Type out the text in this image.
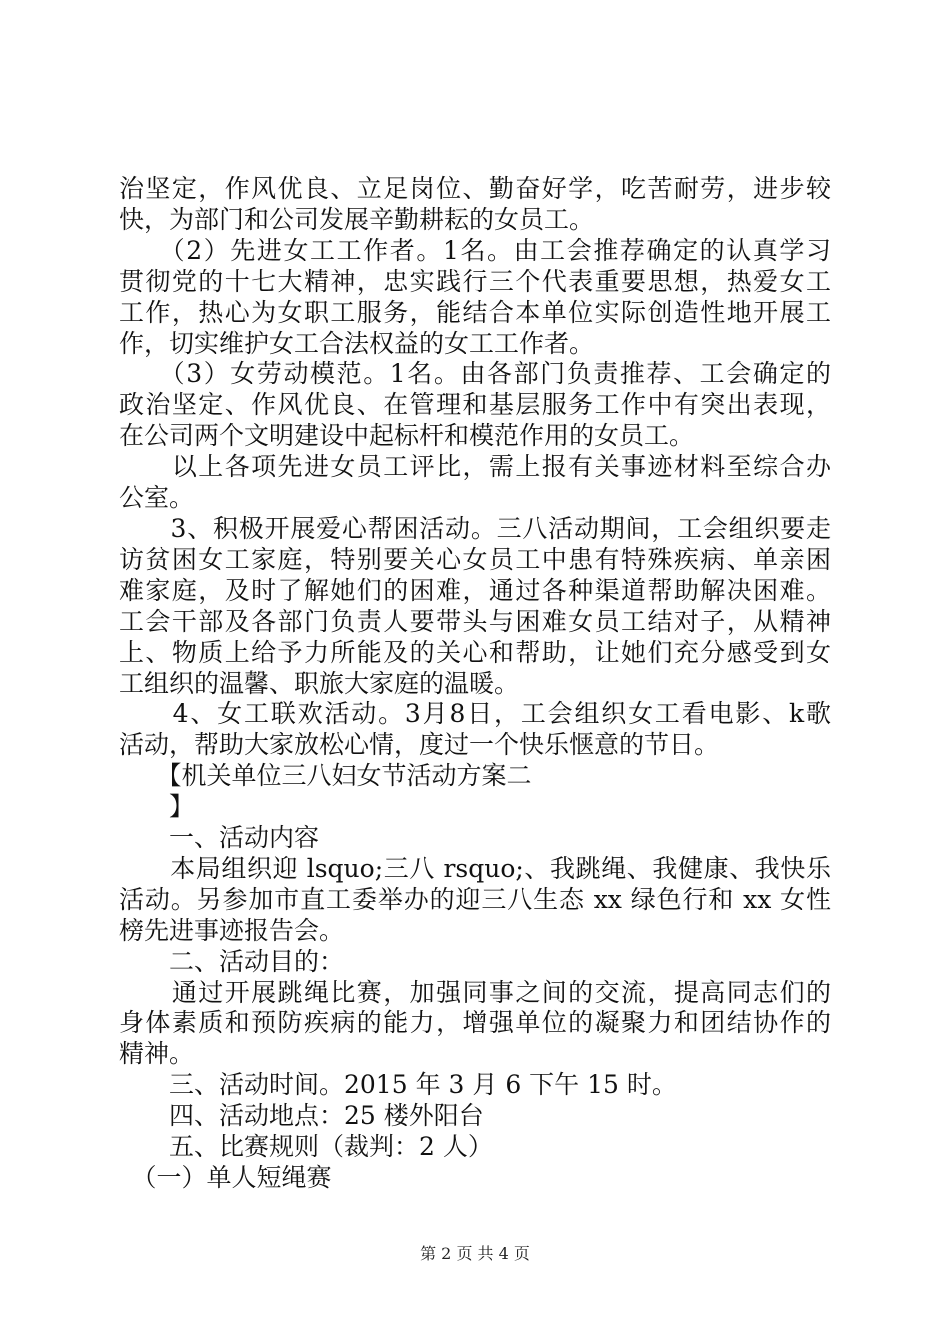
治坚定，作风优良、立足岗位、勤奋好学，吃苦耐劳，进步较
快，为部门和公司发展辛勤耕耘的女员工。
　　（2）先进女工工作者。1名。由工会推荐确定的认真学习
贯彻党的十七大精神，忠实践行三个代表重要思想，热爱女工
工作，热心为女职工服务，能结合本单位实际创造性地开展工
作，切实维护女工合法权益的女工工作者。
　　（3）女劳动模范。1名。由各部门负责推荐、工会确定的
政治坚定、作风优良、在管理和基层服务工作中有突出表现，
在公司两个文明建设中起标杆和模范作用的女员工。
　　以上各项先进女员工评比，需上报有关事迹材料至综合办
公室。
　　3、积极开展爱心帮困活动。三八活动期间，工会组织要走
访贫困女工家庭，特别要关心女员工中患有特殊疾病、单亲困
难家庭，及时了解她们的困难，通过各种渠道帮助解决困难。
工会干部及各部门负责人要带头与困难女员工结对子，从精神
上、物质上给予力所能及的关心和帮助，让她们充分感受到女
工组织的温馨、职旅大家庭的温暖。
　　4、女工联欢活动。3月8日，工会组织女工看电影、k歌
活动，帮助大家放松心情，度过一个快乐惬意的节日。
　　【机关单位三八妇女节活动方案二
　　】
　　一、活动内容
　　本局组织迎 lsquo;三八 rsquo;、我跳绳、我健康、我快乐
活动。另参加市直工委举办的迎三八生态 xx 绿色行和 xx 女性
榜先进事迹报告会。
　　二、活动目的：
　　通过开展跳绳比赛，加强同事之间的交流，提高同志们的
身体素质和预防疾病的能力，增强单位的凝聚力和团结协作的
精神。
　　三、活动时间。2015 年 3 月 6 下午 15 时。
　　四、活动地点：25 楼外阳台
　　五、比赛规则（裁判：2 人）
　（一）单人短绳赛
第 2 页 共 4 页
